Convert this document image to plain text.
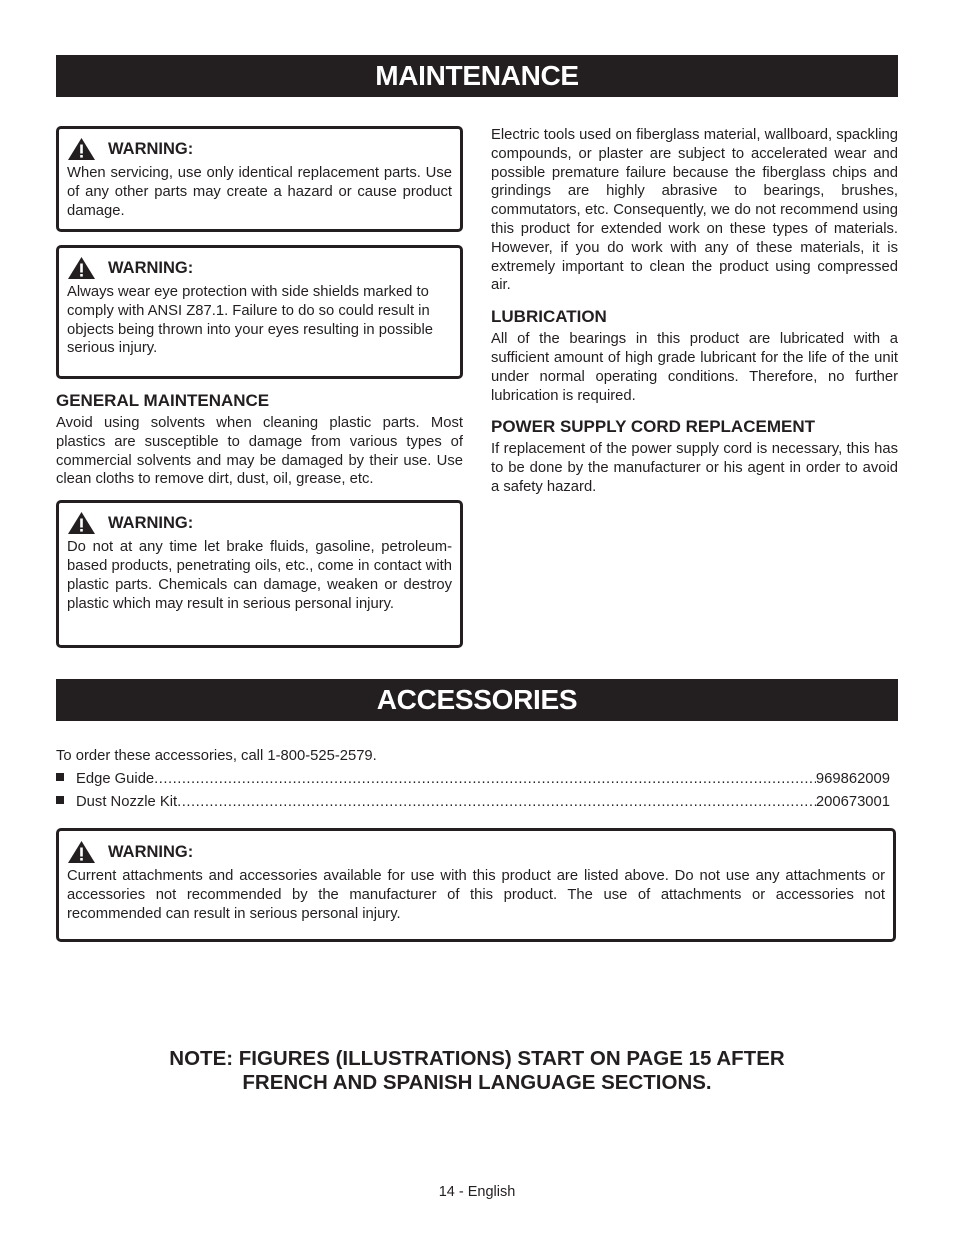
MAINTENANCE
WARNING:

When servicing, use only identical replacement parts. Use of any other parts may create a hazard or cause product damage.

WARNING:

Always wear eye protection with side shields marked to comply with ANSI Z87.1. Failure to do so could result in objects being thrown into your eyes resulting in possible serious injury.

GENERAL MAINTENANCE

Avoid using solvents when cleaning plastic parts. Most plastics are susceptible to damage from various types of commercial solvents and may be damaged by their use. Use clean cloths to remove dirt, dust, oil, grease, etc.

WARNING:

Do not at any time let brake fluids, gasoline, petroleum-based products, penetrating oils, etc., come in contact with plastic parts. Chemicals can damage, weaken or destroy plastic which may result in serious personal injury.

Electric tools used on fiberglass material, wallboard, spackling compounds, or plaster are subject to accelerated wear and possible premature failure because the fiberglass chips and grindings are highly abrasive to bearings, brushes, commutators, etc. Consequently, we do not recommend using this product for extended work on these types of materials. However, if you do work with any of these materials, it is extremely important to clean the product using compressed air.

LUBRICATION

All of the bearings in this product are lubricated with a sufficient amount of high grade lubricant for the life of the unit under normal operating conditions. Therefore, no further lubrication is required.

POWER SUPPLY CORD REPLACEMENT

If replacement of the power supply cord is necessary, this has to be done by the manufacturer or his agent in order to avoid a safety hazard.

ACCESSORIES

To order these accessories, call 1-800-525-2579.

Edge Guide .....	969862009
Dust Nozzle Kit .....	200673001
WARNING:

Current attachments and accessories available for use with this product are listed above. Do not use any attachments or accessories not recommended by the manufacturer of this product. The use of attachments or accessories not recommended can result in serious personal injury.

NOTE: FIGURES (ILLUSTRATIONS) START ON PAGE 15 AFTER
FRENCH AND SPANISH LANGUAGE SECTIONS.
14 - English
